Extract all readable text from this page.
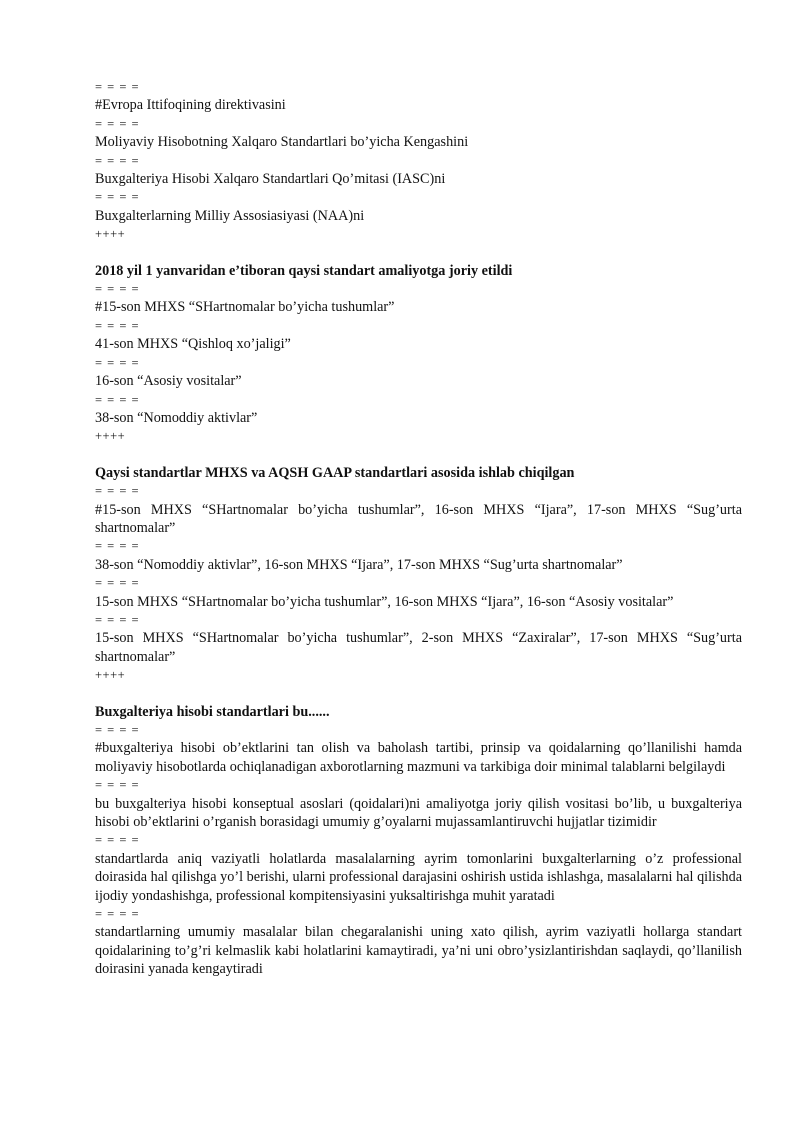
= = = =

#Evropa Ittifoqining direktivasini

= = = =

Moliyaviy Hisobotning Xalqaro Standartlari bo’yicha Kengashini

= = = =

Buxgalteriya Hisobi Xalqaro Standartlari Qo’mitasi (IASC)ni

= = = =

Buxgalterlarning Milliy Assosiasiyasi (NAA)ni

++++

2018 yil 1 yanvaridan e’tiboran qaysi standart amaliyotga joriy etildi

= = = =

#15-son MHXS “SHartnomalar bo’yicha tushumlar”

= = = =

41-son MHXS “Qishloq xo’jaligi”

= = = =

16-son “Asosiy vositalar”

= = = =

38-son “Nomoddiy aktivlar”

++++

Qaysi standartlar MHXS va AQSH GAAP standartlari asosida ishlab chiqilgan

= = = =

#15-son MHXS “SHartnomalar bo’yicha tushumlar”, 16-son MHXS “Ijara”, 17-son MHXS “Sug’urta shartnomalar”

= = = =

38-son “Nomoddiy aktivlar”, 16-son MHXS “Ijara”, 17-son MHXS “Sug’urta shartnomalar”

= = = =

15-son MHXS “SHartnomalar bo’yicha tushumlar”, 16-son MHXS “Ijara”, 16-son “Asosiy vositalar”

= = = =

15-son MHXS “SHartnomalar bo’yicha tushumlar”, 2-son MHXS “Zaxiralar”, 17-son MHXS “Sug’urta shartnomalar”

++++

Buxgalteriya hisobi standartlari bu......

= = = =

#buxgalteriya hisobi ob’ektlarini tan olish va baholash tartibi, prinsip va qoidalarning qo’llanilishi hamda moliyaviy hisobotlarda ochiqlanadigan axborotlarning mazmuni va tarkibiga doir minimal talablarni belgilaydi

= = = =

bu buxgalteriya hisobi konseptual asoslari (qoidalari)ni amaliyotga joriy qilish vositasi bo’lib, u buxgalteriya hisobi ob’ektlarini o’rganish borasidagi umumiy g’oyalarni mujassamlantiruvchi hujjatlar tizimidir

= = = =

standartlarda aniq vaziyatli holatlarda masalalarning ayrim tomonlarini buxgalterlarning o’z professional doirasida hal qilishga yo’l berishi, ularni professional darajasini oshirish ustida ishlashga, masalalarni hal qilishda ijodiy yondashishga, professional kompitensiyasini yuksaltirishga muhit yaratadi

= = = =

standartlarning umumiy masalalar bilan chegaralanishi uning xato qilish, ayrim vaziyatli hollarga standart qoidalarining to’g’ri kelmaslik kabi holatlarini kamaytiradi, ya’ni uni obro’ysizlantirishdan saqlaydi, qo’llanilish doirasini yanada kengaytiradi
